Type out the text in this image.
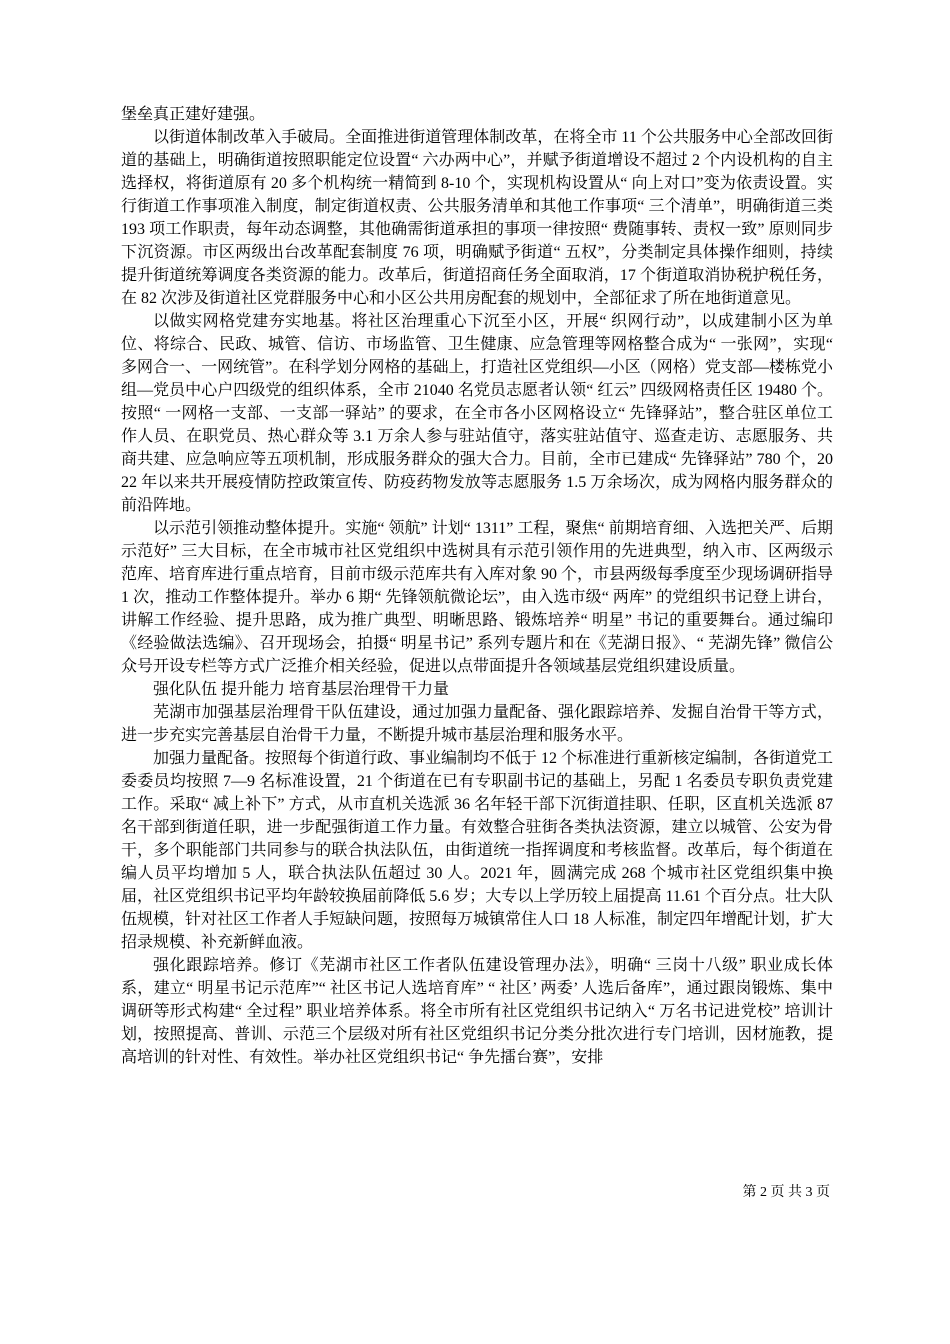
堡垒真正建好建强。

以街道体制改革入手破局。全面推进街道管理体制改革，在将全市 11 个公共服务中心全部改回街道的基础上，明确街道按照职能定位设置“ 六办两中心”，并赋予街道增设不超过 2 个内设机构的自主选择权，将街道原有 20 多个机构统一精简到 8-10 个，实现机构设置从“ 向上对口”变为依责设置。实行街道工作事项准入制度，制定街道权责、公共服务清单和其他工作事项“ 三个清单”，明确街道三类 193 项工作职责，每年动态调整，其他确需街道承担的事项一律按照“ 费随事转、责权一致” 原则同步下沉资源。市区两级出台改革配套制度 76 项，明确赋予街道“ 五权”，分类制定具体操作细则，持续提升街道统筹调度各类资源的能力。改革后，街道招商任务全面取消，17 个街道取消协税护税任务，在 82 次涉及街道社区党群服务中心和小区公共用房配套的规划中，全部征求了所在地街道意见。

以做实网格党建夯实地基。将社区治理重心下沉至小区，开展“ 织网行动”，以成建制小区为单位、将综合、民政、城管、信访、市场监管、卫生健康、应急管理等网格整合成为“ 一张网”，实现“ 多网合一、一网统管”。在科学划分网格的基础上，打造社区党组织—小区（网格）党支部—楼栋党小组—党员中心户四级党的组织体系，全市 21040 名党员志愿者认领“ 红云” 四级网格责任区 19480 个。按照“ 一网格一支部、一支部一驿站” 的要求，在全市各小区网格设立“ 先锋驿站”，整合驻区单位工作人员、在职党员、热心群众等 3.1 万余人参与驻站值守，落实驻站值守、巡查走访、志愿服务、共商共建、应急响应等五项机制，形成服务群众的强大合力。目前，全市已建成“ 先锋驿站” 780 个，2022 年以来共开展疫情防控政策宣传、防疫药物发放等志愿服务 1.5 万余场次，成为网格内服务群众的前沿阵地。

以示范引领推动整体提升。实施“ 领航” 计划“ 1311” 工程，聚焦“ 前期培育细、入选把关严、后期示范好” 三大目标，在全市城市社区党组织中选树具有示范引领作用的先进典型，纳入市、区两级示范库、培育库进行重点培育，目前市级示范库共有入库对象 90 个，市县两级每季度至少现场调研指导 1 次，推动工作整体提升。举办 6 期“ 先锋领航微论坛”，由入选市级“ 两库” 的党组织书记登上讲台，讲解工作经验、提升思路，成为推广典型、明晰思路、锻炼培养“ 明星” 书记的重要舞台。通过编印《经验做法选编》、召开现场会，拍摄“ 明星书记” 系列专题片和在《芜湖日报》、“ 芜湖先锋” 微信公众号开设专栏等方式广泛推介相关经验，促进以点带面提升各领域基层党组织建设质量。

强化队伍 提升能力 培育基层治理骨干力量

芜湖市加强基层治理骨干队伍建设，通过加强力量配备、强化跟踪培养、发掘自治骨干等方式，进一步充实完善基层自治骨干力量，不断提升城市基层治理和服务水平。

加强力量配备。按照每个街道行政、事业编制均不低于 12 个标准进行重新核定编制，各街道党工委委员均按照 7—9 名标准设置，21 个街道在已有专职副书记的基础上，另配 1 名委员专职负责党建工作。采取“ 减上补下” 方式，从市直机关选派 36 名年轻干部下沉街道挂职、任职，区直机关选派 87 名干部到街道任职，进一步配强街道工作力量。有效整合驻街各类执法资源，建立以城管、公安为骨干，多个职能部门共同参与的联合执法队伍，由街道统一指挥调度和考核监督。改革后，每个街道在编人员平均增加 5 人，联合执法队伍超过 30 人。2021 年，圆满完成 268 个城市社区党组织集中换届，社区党组织书记平均年龄较换届前降低 5.6 岁；大专以上学历较上届提高 11.61 个百分点。壮大队伍规模，针对社区工作者人手短缺问题，按照每万城镇常住人口 18 人标准，制定四年增配计划，扩大招录规模、补充新鲜血液。

强化跟踪培养。修订《芜湖市社区工作者队伍建设管理办法》，明确“ 三岗十八级” 职业成长体系，建立“ 明星书记示范库”“ 社区书记人选培育库” “ 社区’ 两委’ 人选后备库”，通过跟岗锻炼、集中调研等形式构建“ 全过程” 职业培养体系。将全市所有社区党组织书记纳入“ 万名书记进党校” 培训计划，按照提高、普训、示范三个层级对所有社区党组织书记分类分批次进行专门培训，因材施教，提高培训的针对性、有效性。举办社区党组织书记“ 争先擂台赛”，安排

第 2 页 共 3 页
